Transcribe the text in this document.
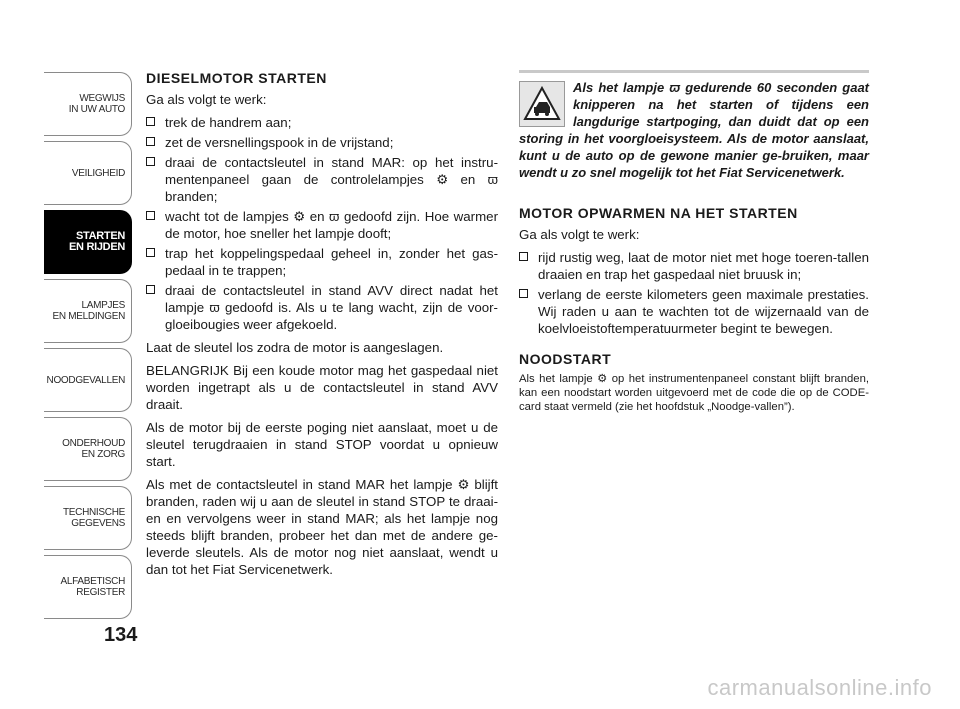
WEGWIJS
IN UW AUTO
VEILIGHEID
STARTEN
EN RIJDEN
LAMPJES
EN MELDINGEN
NOODGEVALLEN
ONDERHOUD
EN ZORG
TECHNISCHE
GEGEVENS
ALFABETISCH
REGISTER
134
DIESELMOTOR STARTEN

Ga als volgt te werk:

trek de handrem aan;
zet de versnellingspook in de vrijstand;
draai de contactsleutel in stand MAR: op het instru-mentenpaneel gaan de controlelampjes ⚙ en ϖ branden;
wacht tot de lampjes ⚙ en ϖ gedoofd zijn. Hoe warmer de motor, hoe sneller het lampje dooft;
trap het koppelingspedaal geheel in, zonder het gas-pedaal in te trappen;
draai de contactsleutel in stand AVV direct nadat het lampje ϖ gedoofd is. Als u te lang wacht, zijn de voor-gloeibougies weer afgekoeld.

Laat de sleutel los zodra de motor is aangeslagen.

BELANGRIJK Bij een koude motor mag het gaspedaal niet worden ingetrapt als u de contactsleutel in stand AVV draait.

Als de motor bij de eerste poging niet aanslaat, moet u de sleutel terugdraaien in stand STOP voordat u opnieuw start.

Als met de contactsleutel in stand MAR het lampje ⚙ blijft branden, raden wij u aan de sleutel in stand STOP te draai-en en vervolgens weer in stand MAR; als het lampje nog steeds blijft branden, probeer het dan met de andere ge-leverde sleutels. Als de motor nog niet aanslaat, wendt u dan tot het Fiat Servicenetwerk.

Als het lampje ϖ gedurende 60 seconden gaat knipperen na het starten of tijdens een langdurige startpoging, dan duidt dat op een storing in het voorgloeisysteem. Als de motor aanslaat, kunt u de auto op de gewone manier ge-bruiken, maar wendt u zo snel mogelijk tot het Fiat Servicenetwerk.

MOTOR OPWARMEN NA HET STARTEN

Ga als volgt te werk:

rijd rustig weg, laat de motor niet met hoge toeren-tallen draaien en trap het gaspedaal niet bruusk in;
verlang de eerste kilometers geen maximale prestaties. Wij raden u aan te wachten tot de wijzernaald van de koelvloeistoftemperatuurmeter begint te bewegen.
NOODSTART

Als het lampje ⚙ op het instrumentenpaneel constant blijft branden, kan een noodstart worden uitgevoerd met de code die op de CODE-card staat vermeld (zie het hoofdstuk „Noodge-vallen”).

carmanualsonline.info
